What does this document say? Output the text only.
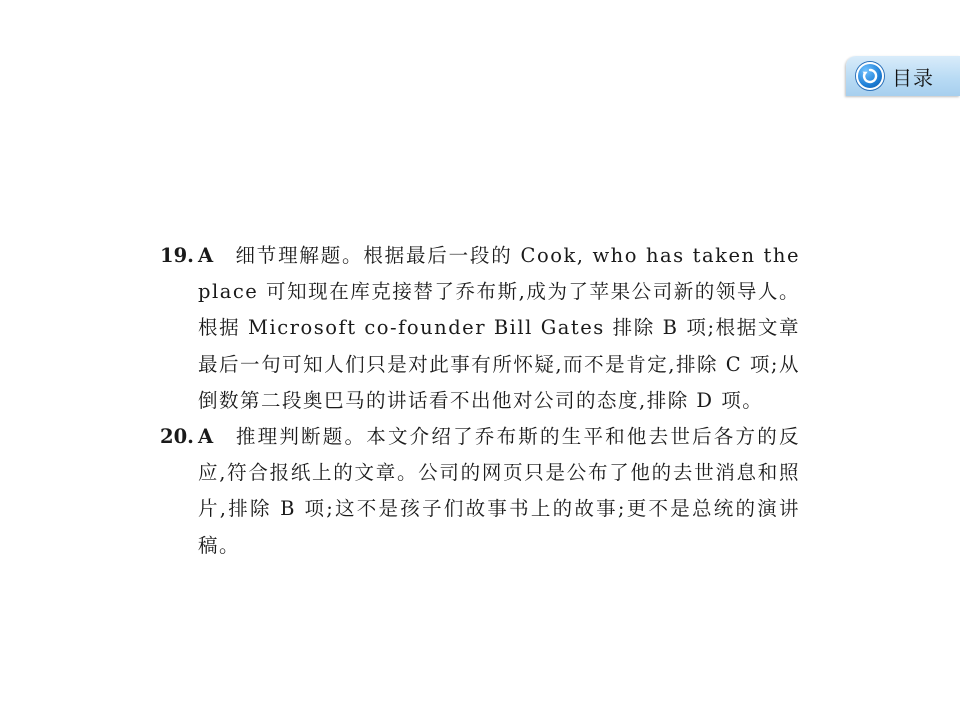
目录
19. A 细节理解题。根据最后一段的 Cook, who has taken the place 可知现在库克接替了乔布斯,成为了苹果公司新的领导人。根据 Microsoft co-founder Bill Gates 排除 B 项;根据文章最后一句可知人们只是对此事有所怀疑,而不是肯定,排除 C 项;从倒数第二段奥巴马的讲话看不出他对公司的态度,排除 D 项。
20. A 推理判断题。本文介绍了乔布斯的生平和他去世后各方的反应,符合报纸上的文章。公司的网页只是公布了他的去世消息和照片,排除 B 项;这不是孩子们故事书上的故事;更不是总统的演讲稿。
